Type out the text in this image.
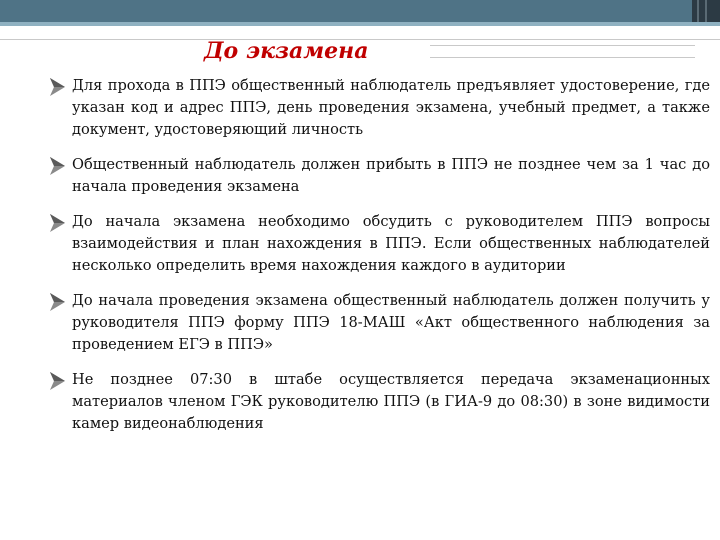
До экзамена
Для прохода в ППЭ общественный наблюдатель предъявляет удостоверение, где указан код и адрес ППЭ, день проведения экзамена, учебный предмет, а также документ, удостоверяющий личность
Общественный наблюдатель должен прибыть в ППЭ не позднее чем за 1 час до начала проведения экзамена
До начала экзамена необходимо обсудить с руководителем ППЭ вопросы взаимодействия и план нахождения в ППЭ. Если общественных наблюдателей несколько определить время нахождения каждого в аудитории
До начала проведения экзамена общественный наблюдатель должен получить у руководителя ППЭ форму ППЭ 18-МАШ «Акт общественного наблюдения за проведением ЕГЭ в ППЭ»
Не позднее 07:30 в штабе осуществляется передача экзаменационных материалов членом ГЭК руководителю ППЭ (в ГИА-9 до 08:30) в зоне видимости камер видеонаблюдения
